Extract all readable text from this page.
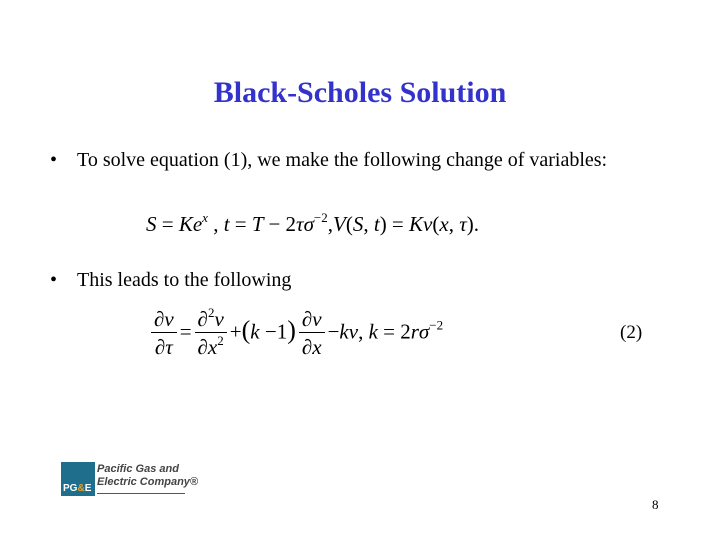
Black-Scholes Solution
• To solve equation (1), we make the following change of variables:
$S = Ke^x$ , $t = T - 2\tau\sigma^{-2},V(S$, t) = Kv(x, τ).
• This leads to the following
$\frac{\partial v}{\partial\tau} = \frac{\partial^2v}{\partial x^2} +(k -1) \frac{\partial v}{\partial x} -kv$, $k = 2r\sigma^{-2}$	(2)
PG&E
Pacific Gas and
Electric Company®
8
